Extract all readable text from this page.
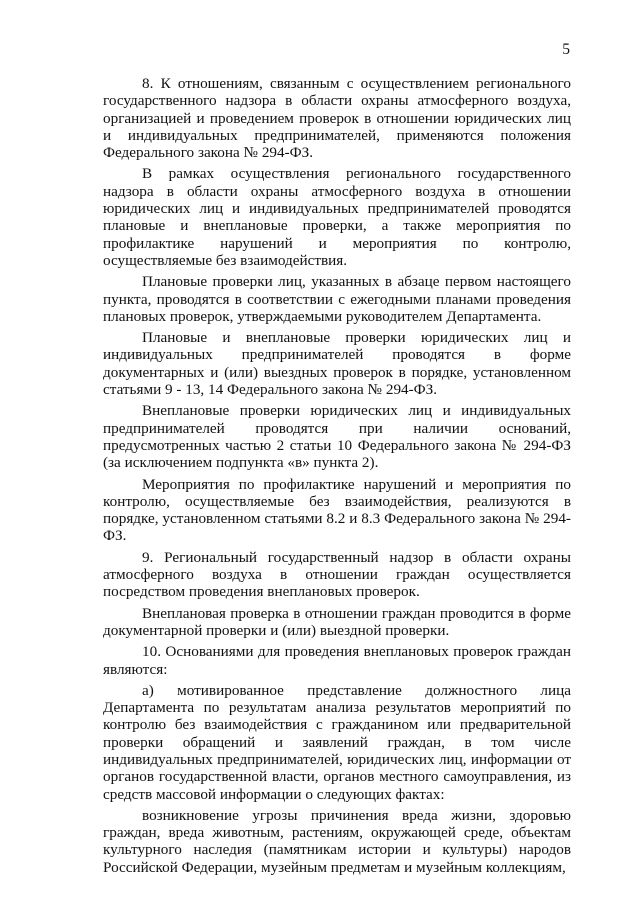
5

8. К отношениям, связанным с осуществлением регионального государственного надзора в области охраны атмосферного воздуха, организацией и проведением проверок в отношении юридических лиц и индивидуальных предпринимателей, применяются положения Федерального закона № 294-ФЗ.

В рамках осуществления регионального государственного надзора в области охраны атмосферного воздуха в отношении юридических лиц и индивидуальных предпринимателей проводятся плановые и внеплановые проверки, а также мероприятия по профилактике нарушений и мероприятия по контролю, осуществляемые без взаимодействия.

Плановые проверки лиц, указанных в абзаце первом настоящего пункта, проводятся в соответствии с ежегодными планами проведения плановых проверок, утверждаемыми руководителем Департамента.

Плановые и внеплановые проверки юридических лиц и индивидуальных предпринимателей проводятся в форме документарных и (или) выездных проверок в порядке, установленном статьями 9 - 13, 14 Федерального закона № 294-ФЗ.

Внеплановые проверки юридических лиц и индивидуальных предпринимателей проводятся при наличии оснований, предусмотренных частью 2 статьи 10 Федерального закона № 294-ФЗ (за исключением подпункта «в» пункта 2).

Мероприятия по профилактике нарушений и мероприятия по контролю, осуществляемые без взаимодействия, реализуются в порядке, установленном статьями 8.2 и 8.3 Федерального закона № 294-ФЗ.

9. Региональный государственный надзор в области охраны атмосферного воздуха в отношении граждан осуществляется посредством проведения внеплановых проверок.

Внеплановая проверка в отношении граждан проводится в форме документарной проверки и (или) выездной проверки.

10. Основаниями для проведения внеплановых проверок граждан являются:

а) мотивированное представление должностного лица Департамента по результатам анализа результатов мероприятий по контролю без взаимодействия с гражданином или предварительной проверки обращений и заявлений граждан, в том числе индивидуальных предпринимателей, юридических лиц, информации от органов государственной власти, органов местного самоуправления, из средств массовой информации о следующих фактах:

возникновение угрозы причинения вреда жизни, здоровью граждан, вреда животным, растениям, окружающей среде, объектам культурного наследия (памятникам истории и культуры) народов Российской Федерации, музейным предметам и музейным коллекциям,
